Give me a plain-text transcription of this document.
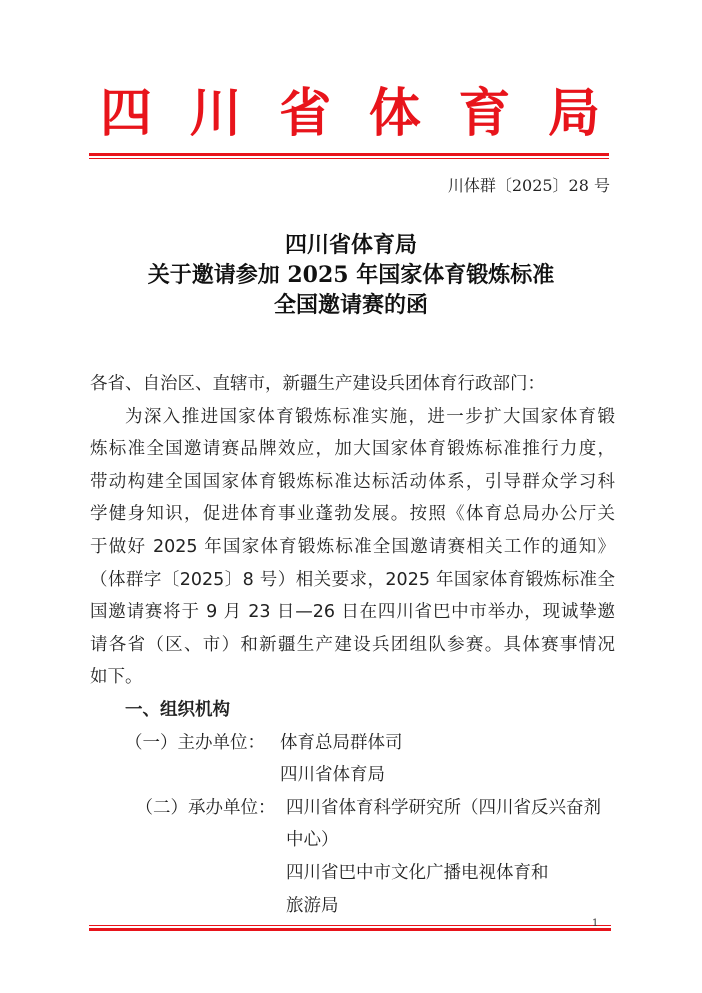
四 川 省 体 育 局
川体群〔2025〕28 号
四川省体育局
关于邀请参加 2025 年国家体育锻炼标准
全国邀请赛的函
各省、自治区、直辖市，新疆生产建设兵团体育行政部门：
为深入推进国家体育锻炼标准实施，进一步扩大国家体育锻
炼标准全国邀请赛品牌效应，加大国家体育锻炼标准推行力度，
带动构建全国国家体育锻炼标准达标活动体系，引导群众学习科
学健身知识，促进体育事业蓬勃发展。按照《体育总局办公厅关
于做好 2025 年国家体育锻炼标准全国邀请赛相关工作的通知》
（体群字〔2025〕8 号）相关要求，2025 年国家体育锻炼标准全
国邀请赛将于 9 月 23 日—26 日在四川省巴中市举办，现诚挚邀
请各省（区、市）和新疆生产建设兵团组队参赛。具体赛事情况
如下。
一、组织机构
（一）主办单位： 体育总局群体司
四川省体育局
（二）承办单位： 四川省体育科学研究所（四川省反兴奋剂
中心）
四川省巴中市文化广播电视体育和
旅游局
1
